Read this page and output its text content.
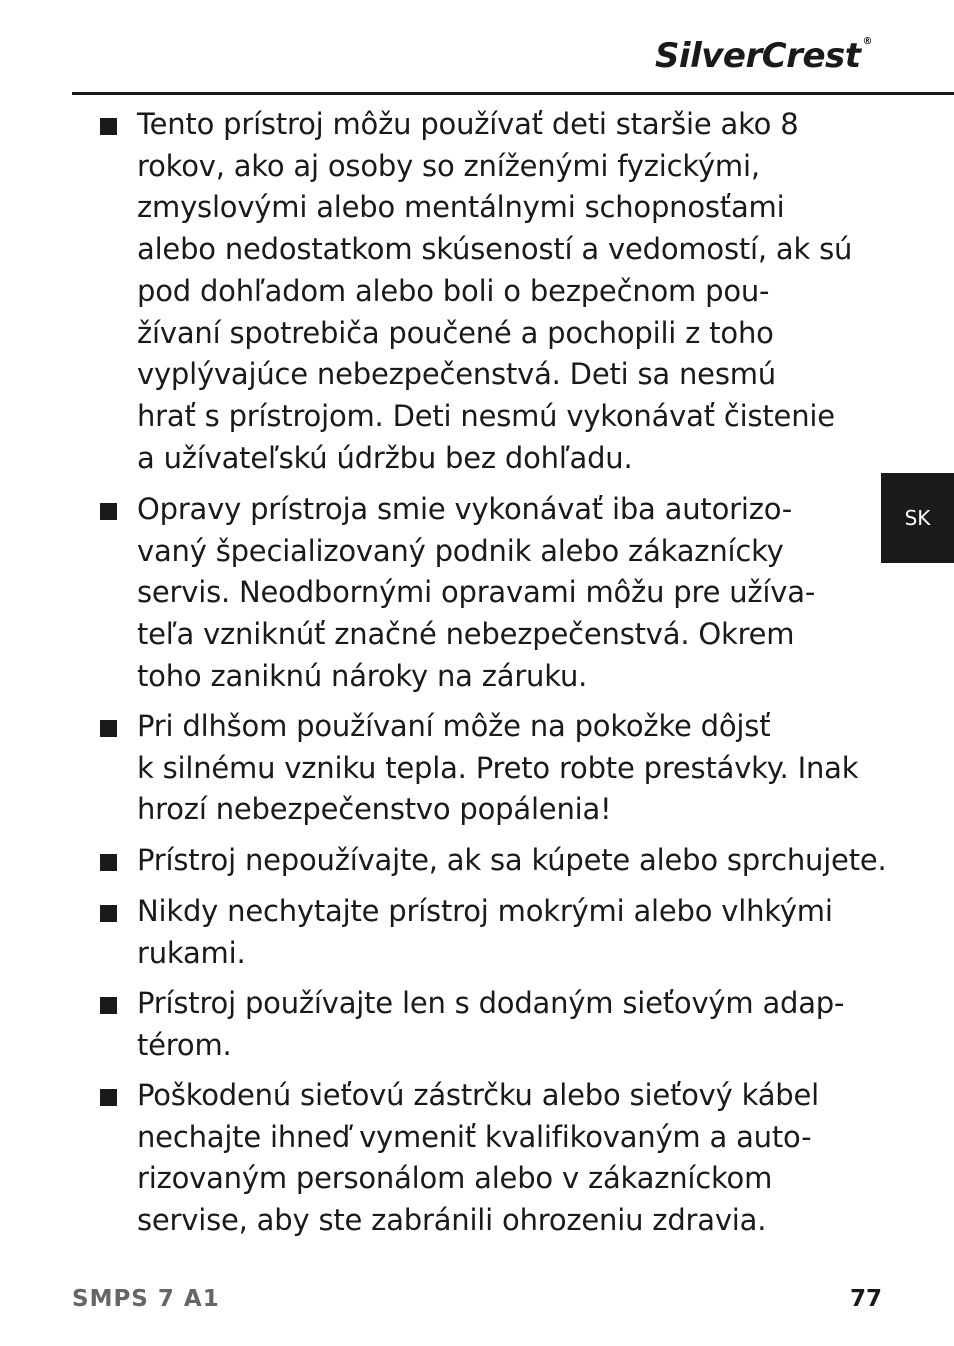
SilverCrest ®
SK
Tento prístroj môžu používať deti staršie ako 8
rokov, ako aj osoby so zníženými fyzickými,
zmyslovými alebo mentálnymi schopnosťami
alebo nedostatkom skúseností a vedomostí, ak sú
pod dohľadom alebo boli o bezpečnom pou-
žívaní spotrebiča poučené a pochopili z toho
vyplývajúce nebezpečenstvá. Deti sa nesmú
hrať s prístrojom. Deti nesmú vykonávať čistenie
a užívateľskú údržbu bez dohľadu.
Opravy prístroja smie vykonávať iba autorizo-
vaný špecializovaný podnik alebo zákaznícky
servis. Neodbornými opravami môžu pre užíva-
teľa vzniknúť značné nebezpečenstvá. Okrem
toho zaniknú nároky na záruku.
Pri dlhšom používaní môže na pokožke dôjsť
k silnému vzniku tepla. Preto robte prestávky. Inak
hrozí nebezpečenstvo popálenia!
Prístroj nepoužívajte, ak sa kúpete alebo sprchujete.
Nikdy nechytajte prístroj mokrými alebo vlhkými
rukami.
Prístroj používajte len s dodaným sieťovým adap-
térom.
Poškodenú sieťovú zástrčku alebo sieťový kábel
nechajte ihneď vymeniť kvalifikovaným a auto-
rizovaným personálom alebo v zákazníckom
servise, aby ste zabránili ohrozeniu zdravia.
SMPS 7 A1	77
